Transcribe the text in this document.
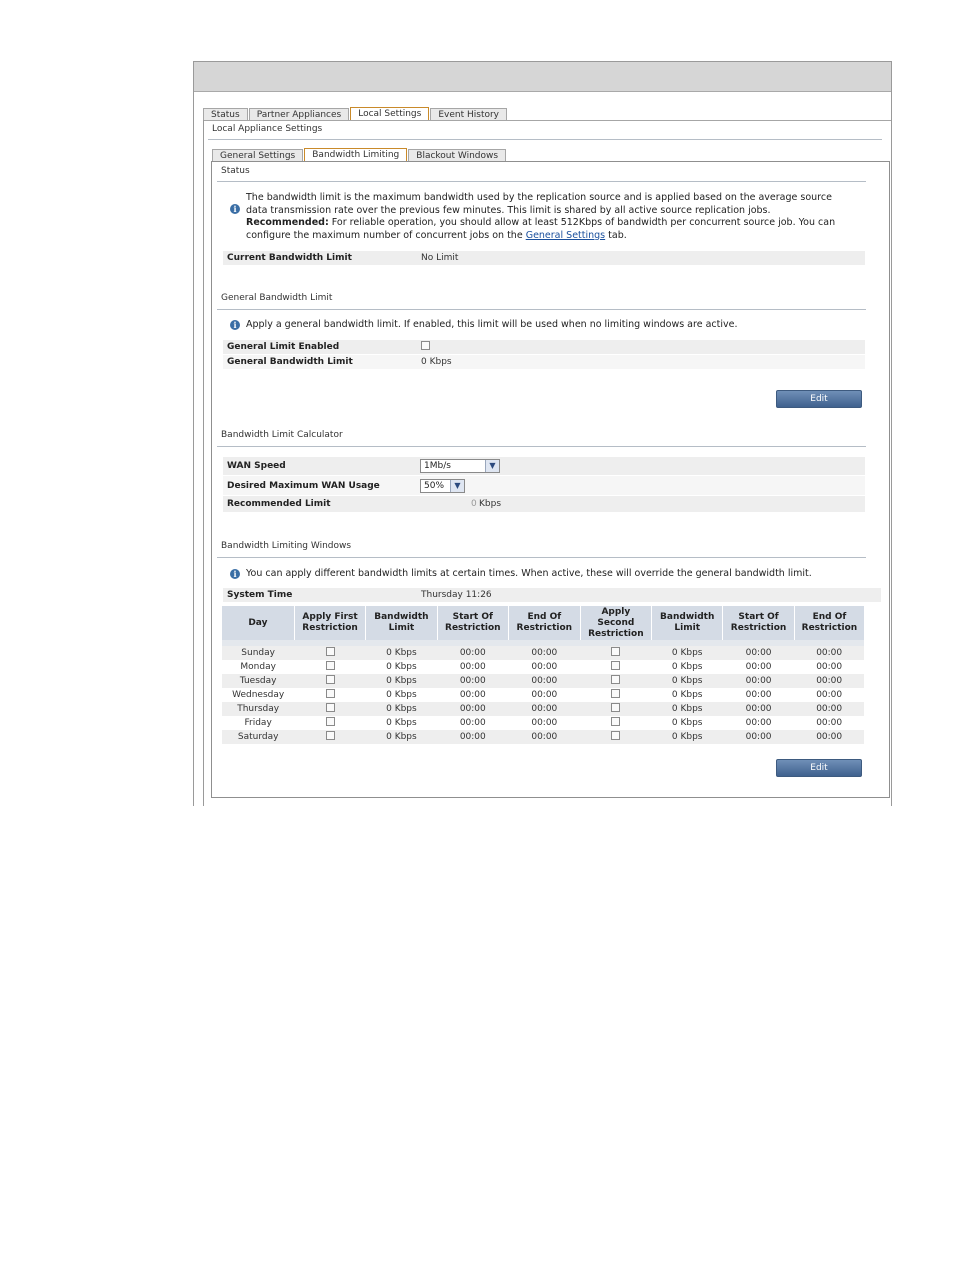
Status	Partner Appliances	Local Settings	Event History
Local Appliance Settings
General Settings	Bandwidth Limiting	Blackout Windows
Status
i
The bandwidth limit is the maximum bandwidth used by the replication source and is applied based on the average source data transmission rate over the previous few minutes. This limit is shared by all active source replication jobs. Recommended: For reliable operation, you should allow at least 512Kbps of bandwidth per concurrent source job. You can configure the maximum number of concurrent jobs on the General Settings tab.
Current Bandwidth Limit	No Limit
General Bandwidth Limit
i Apply a general bandwidth limit. If enabled, this limit will be used when no limiting windows are active.
General Limit Enabled
General Bandwidth Limit	0 Kbps
Edit
Bandwidth Limit Calculator
WAN Speed	1Mb/s	▼
Desired Maximum WAN Usage	50%	▼
Recommended Limit	0 Kbps
Bandwidth Limiting Windows
i You can apply different bandwidth limits at certain times. When active, these will override the general bandwidth limit.
System Time	Thursday 11:26
Day	Apply First Restriction	Bandwidth Limit	Start Of Restriction	End Of Restriction	Apply Second Restriction	Bandwidth Limit	Start Of Restriction	End Of Restriction

Sunday		0 Kbps	00:00	00:00		0 Kbps	00:00	00:00
Monday		0 Kbps	00:00	00:00		0 Kbps	00:00	00:00
Tuesday		0 Kbps	00:00	00:00		0 Kbps	00:00	00:00
Wednesday		0 Kbps	00:00	00:00		0 Kbps	00:00	00:00
Thursday		0 Kbps	00:00	00:00		0 Kbps	00:00	00:00
Friday		0 Kbps	00:00	00:00		0 Kbps	00:00	00:00
Saturday		0 Kbps	00:00	00:00		0 Kbps	00:00	00:00
Edit
